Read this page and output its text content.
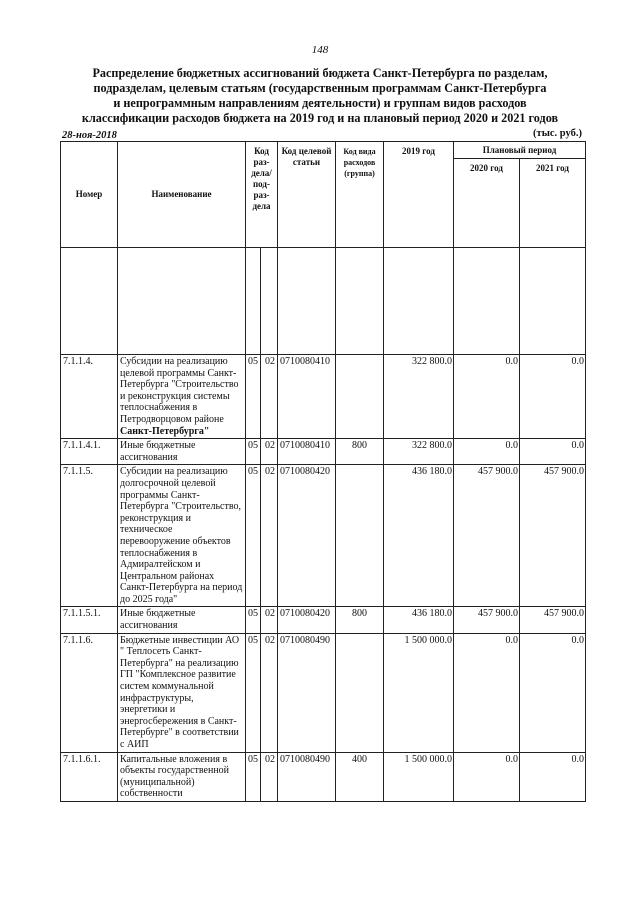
148
Распределение бюджетных ассигнований бюджета Санкт-Петербурга по разделам,
подразделам, целевым статьям (государственным программам Санкт-Петербурга
и непрограммным направлениям деятельности) и группам видов расходов
классификации расходов бюджета на 2019 год и на плановый период 2020 и 2021 годов
28-ноя-2018	(тыс. руб.)
Номер	Наименование	Код раз-дела/под-раз-дела		Код целевой статьи	Код вида расходов (группа)	2019 год	Плановый период	
							2020 год	2021 год

7.1.1.4.	Субсидии на реализацию целевой программы Санкт-Петербурга "Строительство и реконструкция системы теплоснабжения в Петродворцовом районе Санкт-Петербурга"	05	02	0710080410		322 800.0	0.0	0.0
7.1.1.4.1.	Иные бюджетные ассигнования	05	02	0710080410	800	322 800.0	0.0	0.0
7.1.1.5.	Субсидии на реализацию долгосрочной целевой программы Санкт-Петербурга "Строительство, реконструкция и техническое перевооружение объектов теплоснабжения в Адмиралтейском и Центральном районах Санкт-Петербурга на период до 2025 года"	05	02	0710080420		436 180.0	457 900.0	457 900.0
7.1.1.5.1.	Иные бюджетные ассигнования	05	02	0710080420	800	436 180.0	457 900.0	457 900.0
7.1.1.6.	Бюджетные инвестиции АО " Теплосеть Санкт-Петербурга" на реализацию ГП "Комплексное развитие систем коммунальной инфраструктуры, энергетики и энергосбережения в Санкт-Петербурге" в соответствии с АИП	05	02	0710080490		1 500 000.0	0.0	0.0
7.1.1.6.1.	Капитальные вложения в объекты государственной (муниципальной) собственности	05	02	0710080490	400	1 500 000.0	0.0	0.0
